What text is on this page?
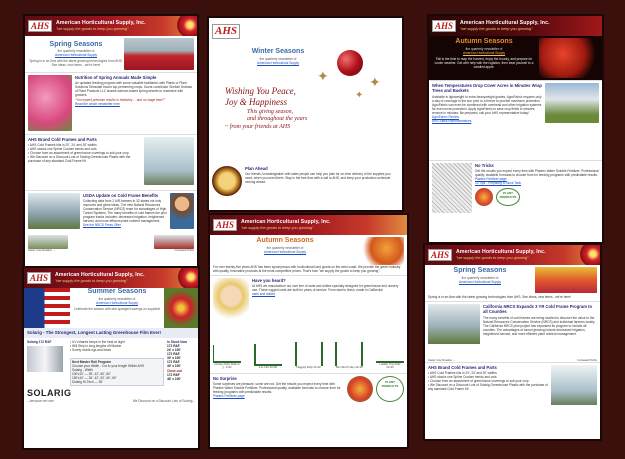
AHS	American Horticultural Supply, Inc.
"we supply the goods to keep you growing"
Spring Seasons
the quarterly newsletter of
American Horticultural Supply
Spring is in se-flow with the latest growing technologies from AHS. See ideas, new items - we're here!
Nutrition of Spring Annuals Made Simple
An updated feeding program with some valuable facilitation with Plants or Plant Solutions Stimulate bloom top-performing crops. Guest contributor Sheilah Grahaw of Plant Products LLC shares science-based spring secrets to maximize with growers.
"You expect premium results in relatively ... and no stage then?"
Read the whole newsletter here
AHS Brand Cold Frames and Parts
• AHS Cold Frames kits in 20', 24' and 30' widths
• AHS stocks one Spline Custom bends and cuts
• Choose from an assortment of greenhouse coverings to suit your crop
• We Discount on a Discount Lots of Solarig Greenhouse Plastic with the purchase of any standard Cold Frame Kit
USDA Update on Cold Frame Benefits
Collecting data from 2 AIR-farmers in 32 states not only improves and gives ideas. The new Natural Resources Conservation Service (NRCS) team for advantages of High Tunnel Systems. The many benefits of cold frames the pilot program tracks includes: decreased irrigation, heightened harvest, and more efficient plant nutrient management.
See the NRCS Press Offer
Faster Crop Rotation →	Increased Profits
AHS
Winter Seasons
the quarterly newsletter of
American Horticultural Supply
✦	✦
✦
Wishing You Peace,
Joy & Happiness
This giving season,
and throughout the years
~ from your friends at AHS
Plan Ahead
Our friends, knowledgeable with sales people can help you plan for on-time delivery of the supplies you need, when you need them. Stay in the free flow with a call to AHS, and keep your production schedule moving ahead.
AHS	American Horticultural Supply, Inc.
"we supply the goods to keep you growing"
Autumn Seasons
the quarterly newsletter of
American Horticultural Supply
Fall is the time to reap the harvest, enjoy the bounty, and prepare for cooler weather. Get with help with the logistics, then treat yourself to a candied apple.
When Temperatures Drop Cover Acres in Minutes Wrap Trees and Baskets
Available in lightweight to extra-heavyweight grades, AgroFabric requires only a day of coverage in the sun prior to a freeze to provide maximum protection. AgroFabric can even be combined with overhead and other irrigation systems for even more protection. Apply AgroFabric to save crop fields in minutes, remove in minutes. Be prepared, call your AHS representative today!
AgroFabric Review
AHS Sales Representatives
No Tricks
Get the results you expect every time with Plantex Water Soluble Fertilizer. Professional quality, available formulas to choose from for feeding programs with predictable results.
Plantex Fertilizer page
10 Tips - Preparing a Stock Tank
PLANT PRODUCTS
AHS	American Horticultural Supply, Inc.
"we supply the goods to keep you growing"
Summer Seasons
the quarterly newsletter of
American Horticultural Supply
Celebrate the season with star spangled savings on supplies!
Solarig - The Strongest, Longest Lasting Greenhouse Film Ever!
Solarig 172 R&F
•	UV infrared keeps in the heat at night
• Will Strip in long-lengths off Marine
• Surely molds rigs and dews
Next Master Roll Program
Choose your Width - Cut to your length Within AHS
Solarig - Width
100'x10' — 35', 42', 60', 80'
150'x10' — 36', 42', 52', 60', 80'
Solarig Hi-Tech — 36'
In Stock Now
172 R&F
24' x 100'
172 R&F
30' x 100'
172 R&F
40' x 100'
Close-out
172 R&F
48' x 100'
SOLARIG
...because we care	We Discount on a Discount Lots of Solarig...
AHS	American Horticultural Supply, Inc.
"we supply the goods to keep you growing"
Autumn Seasons
the quarterly newsletter of
American Horticultural Supply
For over twenty-five years AHS has been synonymous with horticultural hard goods on the west coast. We provide the green industry with quality, innovative products at the most competitive prices. That's how "we supply the goods to keep you growing".
Have you heard?
At AHS we manufacture our own line of carts and dollies specially designed for greenhouse and nursery use. These rugged carts are built for years of service. From start to finish, made in California!
carts and dollies
Nursery Dolly Rolls at ∑, 4×32	2-In-Cart 24×48	Flagging Dolly 21×20	Mini Sled Trolley 24×48
Laddier Tray Dolly 21×20
No Surprise
Some surprises are pleasant, some are not. Get the results you expect every time with Plantex Water Soluble Fertilizer. Professional quality, available formulas to choose from for feeding programs with predictable results.
Plantex Fertilizer page
PLANT PRODUCTS
AHS	American Horticultural Supply, Inc.
"we supply the goods to keep you growing"
Spring Seasons
the quarterly newsletter of
American Horticultural Supply
Spring is in se-flow with the latest growing technologies from AHS. See ideas, new items - we're here!
California NRCS Expands 3 YR Cold Frame Program to all Counties
The many benefits of cold frames are being studied to discover the value to the Natural Resources Conservation Service (NRCS) and individual farmers locally. The California NRCS pilot project has expanded its program to include all counties. The advantages of tunnel growing include decreased irrigation, heightened harvest, and more efficient plant nutrient management.
Faster Crop Rotation →	Increased Profits
AHS Brand Cold Frames and Parts
• AHS Cold Frames kits in 20', 24' and 30' widths
• AHS stocks one Spline Custom bends and cuts
• Choose from an assortment of greenhouse coverings to suit your crop
• We Discount on a Discount Lots of Solarig Greenhouse Plastic with the purchase of any standard Cold Frame Kit
